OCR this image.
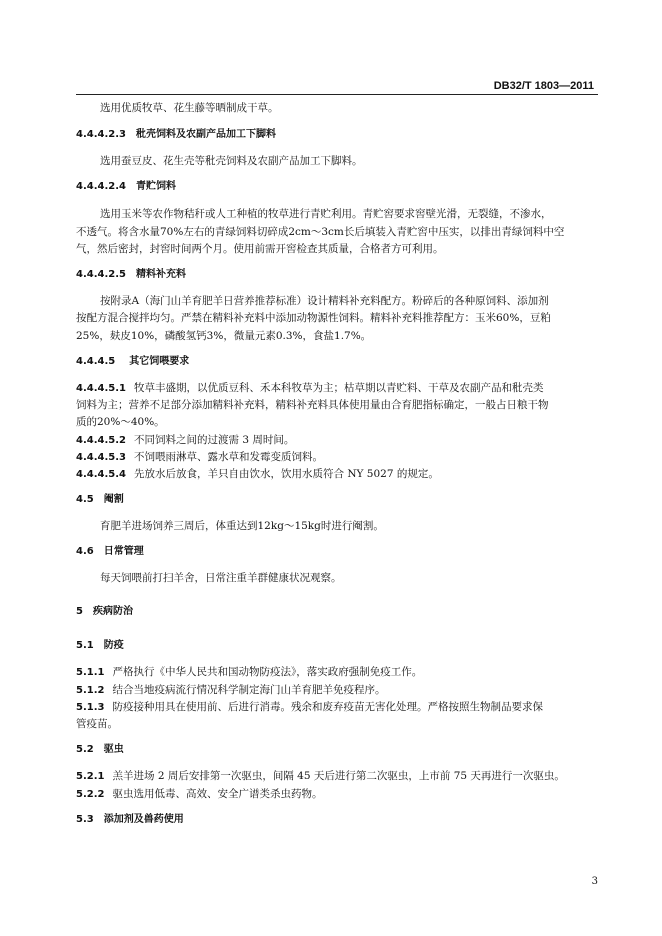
DB32/T 1803—2011
选用优质牧草、花生藤等晒制成干草。
4.4.4.2.3 秕壳饲料及农副产品加工下脚料
选用蚕豆皮、花生壳等秕壳饲料及农副产品加工下脚料。
4.4.4.2.4 青贮饲料
选用玉米等农作物秸秆或人工种植的牧草进行青贮利用。青贮窖要求窖壁光滑，无裂缝，不渗水，
不透气。将含水量70%左右的青绿饲料切碎成2cm～3cm长后填装入青贮窖中压实，以排出青绿饲料中空
气，然后密封，封窖时间两个月。使用前需开窖检查其质量，合格者方可利用。
4.4.4.2.5 精料补充料
按附录A（海门山羊育肥羊日营养推荐标准）设计精料补充料配方。粉碎后的各种原饲料、添加剂
按配方混合搅拌均匀。严禁在精料补充料中添加动物源性饲料。精料补充料推荐配方：玉米60%，豆粕
25%，麸皮10%，磷酸氢钙3%，微量元素0.3%，食盐1.7%。
4.4.4.5 其它饲喂要求
4.4.4.5.1 牧草丰盛期，以优质豆科、禾本科牧草为主；枯草期以青贮料、干草及农副产品和秕壳类
饲料为主；营养不足部分添加精料补充料，精料补充料具体使用量由合育肥指标确定，一般占日粮干物
质的20%～40%。
4.4.4.5.2 不同饲料之间的过渡需 3 周时间。
4.4.4.5.3 不饲喂雨淋草、露水草和发霉变质饲料。
4.4.4.5.4 先放水后放食，羊只自由饮水，饮用水质符合 NY 5027 的规定。
4.5 阉割
育肥羊进场饲养三周后，体重达到12kg～15kg时进行阉割。
4.6 日常管理
每天饲喂前打扫羊舍，日常注重羊群健康状况观察。
5 疾病防治
5.1 防疫
5.1.1 严格执行《中华人民共和国动物防疫法》，落实政府强制免疫工作。
5.1.2 结合当地疫病流行情况科学制定海门山羊育肥羊免疫程序。
5.1.3 防疫接种用具在使用前、后进行消毒。残余和废弃疫苗无害化处理。严格按照生物制品要求保
管疫苗。
5.2 驱虫
5.2.1 羔羊进场 2 周后安排第一次驱虫，间隔 45 天后进行第二次驱虫，上市前 75 天再进行一次驱虫。
5.2.2 驱虫选用低毒、高效、安全广谱类杀虫药物。
5.3 添加剂及兽药使用
3
